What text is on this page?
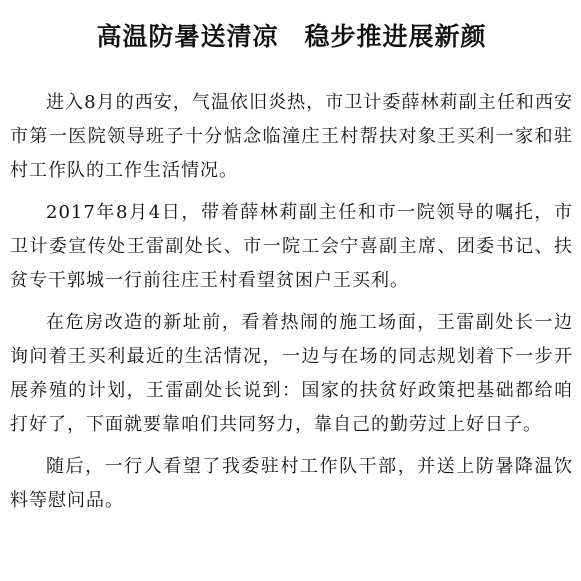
高温防暑送清凉　稳步推进展新颜

进入8月的西安，气温依旧炎热，市卫计委薛林莉副主任和西安市第一医院领导班子十分惦念临潼庄王村帮扶对象王买利一家和驻村工作队的工作生活情况。

2017年8月4日，带着薛林莉副主任和市一院领导的嘱托，市卫计委宣传处王雷副处长、市一院工会宁喜副主席、团委书记、扶贫专干郭城一行前往庄王村看望贫困户王买利。

在危房改造的新址前，看着热闹的施工场面，王雷副处长一边询问着王买利最近的生活情况，一边与在场的同志规划着下一步开展养殖的计划，王雷副处长说到：国家的扶贫好政策把基础都给咱打好了，下面就要靠咱们共同努力，靠自己的勤劳过上好日子。

随后，一行人看望了我委驻村工作队干部，并送上防暑降温饮料等慰问品。
